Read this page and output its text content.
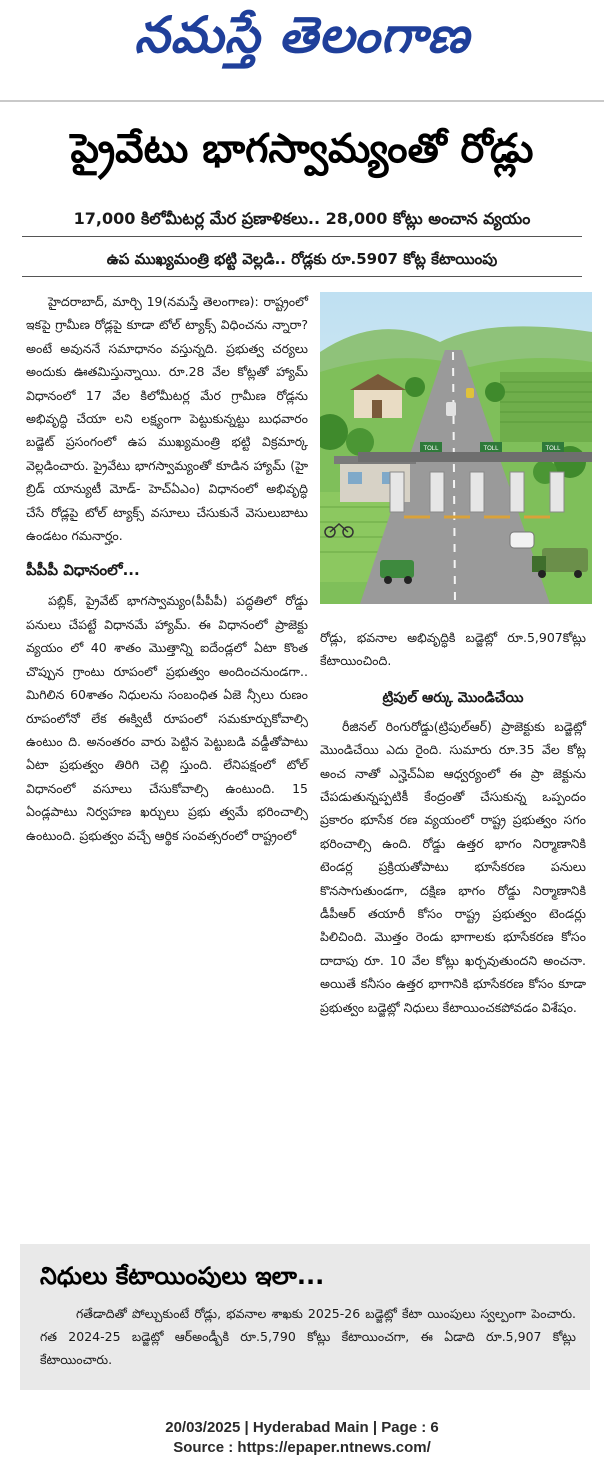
నమస్తే తెలంగాణ
ప్రైవేటు భాగస్వామ్యంతో రోడ్లు
17,000 కిలోమీటర్ల మేర ప్రణాళికలు.. 28,000 కోట్లు అంచాన వ్యయం
ఉప ముఖ్యమంత్రి భట్టి వెల్లడి.. రోడ్లకు రూ.5907 కోట్ల కేటాయింపు

హైదరాబాద్, మార్చి 19(నమస్తే తెలంగాణ): రాష్ట్రంలో ఇకపై గ్రామీణ రోడ్లపై కూడా టోల్ ట్యాక్స్ విధించను న్నారా? అంటే అవుననే సమాధానం వస్తున్నది. ప్రభుత్వ చర్యలు అందుకు ఊతమిస్తున్నాయి. రూ.28 వేల కోట్లతో హ్యామ్ విధానంలో 17 వేల కిలోమీటర్ల మేర గ్రామీణ రోడ్లను అభివృద్ధి చేయా లని లక్ష్యంగా పెట్టుకున్నట్టు బుధవారం బడ్జెట్ ప్రసంగంలో ఉప ముఖ్యమంత్రి భట్టి విక్రమార్క వెల్లడించారు. ప్రైవేటు భాగస్వామ్యంతో కూడిన హ్యామ్ (హై బ్రిడ్ యాన్యుటీ మోడ్- హెచ్ఏఎం) విధానంలో అభివృద్ధి చేసే రోడ్లపై టోల్ ట్యాక్స్ వసూలు చేసుకునే వెసులుబాటు ఉండటం గమనార్హం.

పీపీపీ విధానంలో...

పబ్లిక్, ప్రైవేట్ భాగస్వామ్యం(పీపీపీ) పద్ధతిలో రోడ్డు పనులు చేపట్టే విధానమే హ్యామ్. ఈ విధానంలో ప్రాజెక్టు వ్యయం లో 40 శాతం మొత్తాన్ని ఐదేండ్లలో ఏటా కొంత చొప్పున గ్రాంటు రూపంలో ప్రభుత్వం అందించనుండగా.. మిగిలిన 60శాతం నిధులను సంబంధిత ఏజె న్సీలు రుణం రూపంలోనో లేక ఈక్విటీ రూపంలో సమకూర్చుకోవాల్సి ఉంటుం ది. అనంతరం వారు పెట్టిన పెట్టుబడి వడ్డీతోపాటు ఏటా ప్రభుత్వం తిరిగి చెల్లి స్తుంది. లేనిపక్షంలో టోల్ విధానంలో వసూలు చేసుకోవాల్సి ఉంటుంది. 15 ఏండ్లపాటు నిర్వహణ ఖర్చులు ప్రభు త్వమే భరించాల్సి ఉంటుంది. ప్రభుత్వం వచ్చే ఆర్థిక సంవత్సరంలో రాష్ట్రంలో

TOLL	TOLL	TOLL
రోడ్లు, భవనాల అభివృద్ధికి బడ్జెట్లో రూ.5,907కోట్లు కేటాయించింది.
ట్రిపుల్ ఆర్కు మొండిచేయి

రీజినల్ రింగురోడ్డు(ట్రిపుల్ఆర్) ప్రాజెక్టుకు బడ్జెట్లో మొండిచేయి ఎదు రైంది. సుమారు రూ.35 వేల కోట్ల అంచ నాతో ఎన్హెచ్ఏఐ ఆధ్వర్యంలో ఈ ప్రా జెక్టును చేపడుతున్నప్పటికీ కేంద్రంతో చేసుకున్న ఒప్పందం ప్రకారం భూసేక రణ వ్యయంలో రాష్ట్ర ప్రభుత్వం సగం భరించాల్సి ఉంది. రోడ్డు ఉత్తర భాగం నిర్మాణానికి టెండర్ల ప్రక్రియతోపాటు భూసేకరణ పనులు కొనసాగుతుండగా, దక్షిణ భాగం రోడ్డు నిర్మాణానికి డీపీఆర్ తయారీ కోసం రాష్ట్ర ప్రభుత్వం టెండర్లు పిలిచింది. మొత్తం రెండు భాగాలకు భూసేకరణ కోసం దాదాపు రూ. 10 వేల కోట్లు ఖర్చవుతుందని అంచనా. అయితే కనీసం ఉత్తర భాగానికి భూసేకరణ కోసం కూడా ప్రభుత్వం బడ్జెట్లో నిధులు కేటాయించకపోవడం విశేషం.

నిధులు కేటాయింపులు ఇలా...
గతేడాదితో పోల్చుకుంటే రోడ్లు, భవనాల శాఖకు 2025-26 బడ్జెట్లో కేటా యింపులు స్వల్పంగా పెంచారు. గత 2024-25 బడ్జెట్లో ఆర్అండ్బీకి రూ.5,790 కోట్లు కేటాయించగా, ఈ ఏడాది రూ.5,907 కోట్లు కేటాయించారు.
20/03/2025 | Hyderabad Main | Page : 6
Source : https://epaper.ntnews.com/
